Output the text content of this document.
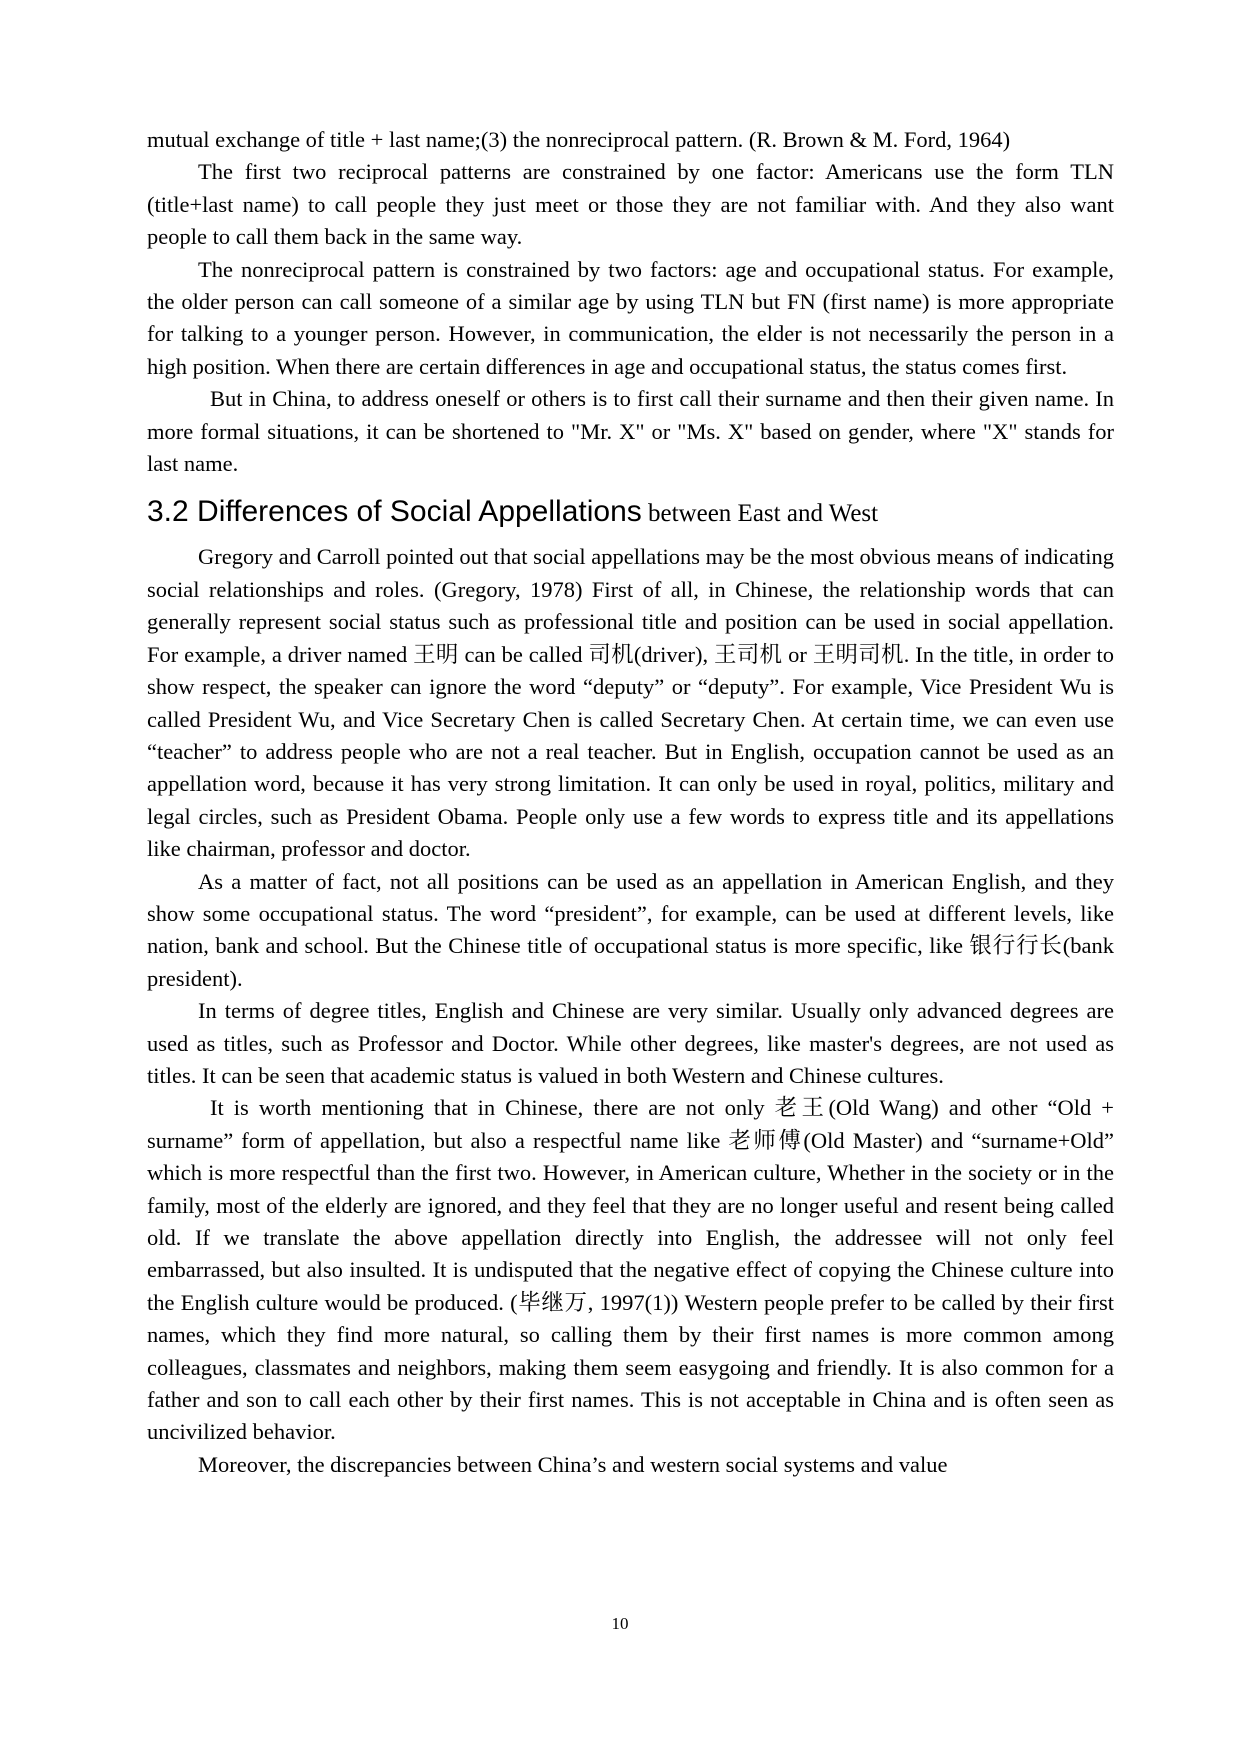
mutual exchange of title + last name;(3) the nonreciprocal pattern. (R. Brown & M. Ford, 1964)

The first two reciprocal patterns are constrained by one factor: Americans use the form TLN (title+last name) to call people they just meet or those they are not familiar with. And they also want people to call them back in the same way.

The nonreciprocal pattern is constrained by two factors: age and occupational status. For example, the older person can call someone of a similar age by using TLN but FN (first name) is more appropriate for talking to a younger person. However, in communication, the elder is not necessarily the person in a high position. When there are certain differences in age and occupational status, the status comes first.

But in China, to address oneself or others is to first call their surname and then their given name. In more formal situations, it can be shortened to "Mr. X" or "Ms. X" based on gender, where "X" stands for last name.

3.2 Differences of Social Appellations between East and West

Gregory and Carroll pointed out that social appellations may be the most obvious means of indicating social relationships and roles. (Gregory, 1978) First of all, in Chinese, the relationship words that can generally represent social status such as professional title and position can be used in social appellation. For example, a driver named 王明 can be called 司机(driver), 王司机 or 王明司机. In the title, in order to show respect, the speaker can ignore the word “deputy” or “deputy”. For example, Vice President Wu is called President Wu, and Vice Secretary Chen is called Secretary Chen. At certain time, we can even use “teacher” to address people who are not a real teacher. But in English, occupation cannot be used as an appellation word, because it has very strong limitation. It can only be used in royal, politics, military and legal circles, such as President Obama. People only use a few words to express title and its appellations like chairman, professor and doctor.

As a matter of fact, not all positions can be used as an appellation in American English, and they show some occupational status. The word “president”, for example, can be used at different levels, like nation, bank and school. But the Chinese title of occupational status is more specific, like 银行行长(bank president).

In terms of degree titles, English and Chinese are very similar. Usually only advanced degrees are used as titles, such as Professor and Doctor. While other degrees, like master's degrees, are not used as titles. It can be seen that academic status is valued in both Western and Chinese cultures.

It is worth mentioning that in Chinese, there are not only 老王(Old Wang) and other “Old + surname” form of appellation, but also a respectful name like 老师傅(Old Master) and “surname+Old” which is more respectful than the first two. However, in American culture, Whether in the society or in the family, most of the elderly are ignored, and they feel that they are no longer useful and resent being called old. If we translate the above appellation directly into English, the addressee will not only feel embarrassed, but also insulted. It is undisputed that the negative effect of copying the Chinese culture into the English culture would be produced. (毕继万, 1997(1)) Western people prefer to be called by their first names, which they find more natural, so calling them by their first names is more common among colleagues, classmates and neighbors, making them seem easygoing and friendly. It is also common for a father and son to call each other by their first names. This is not acceptable in China and is often seen as uncivilized behavior.

Moreover, the discrepancies between China’s and western social systems and value

10
